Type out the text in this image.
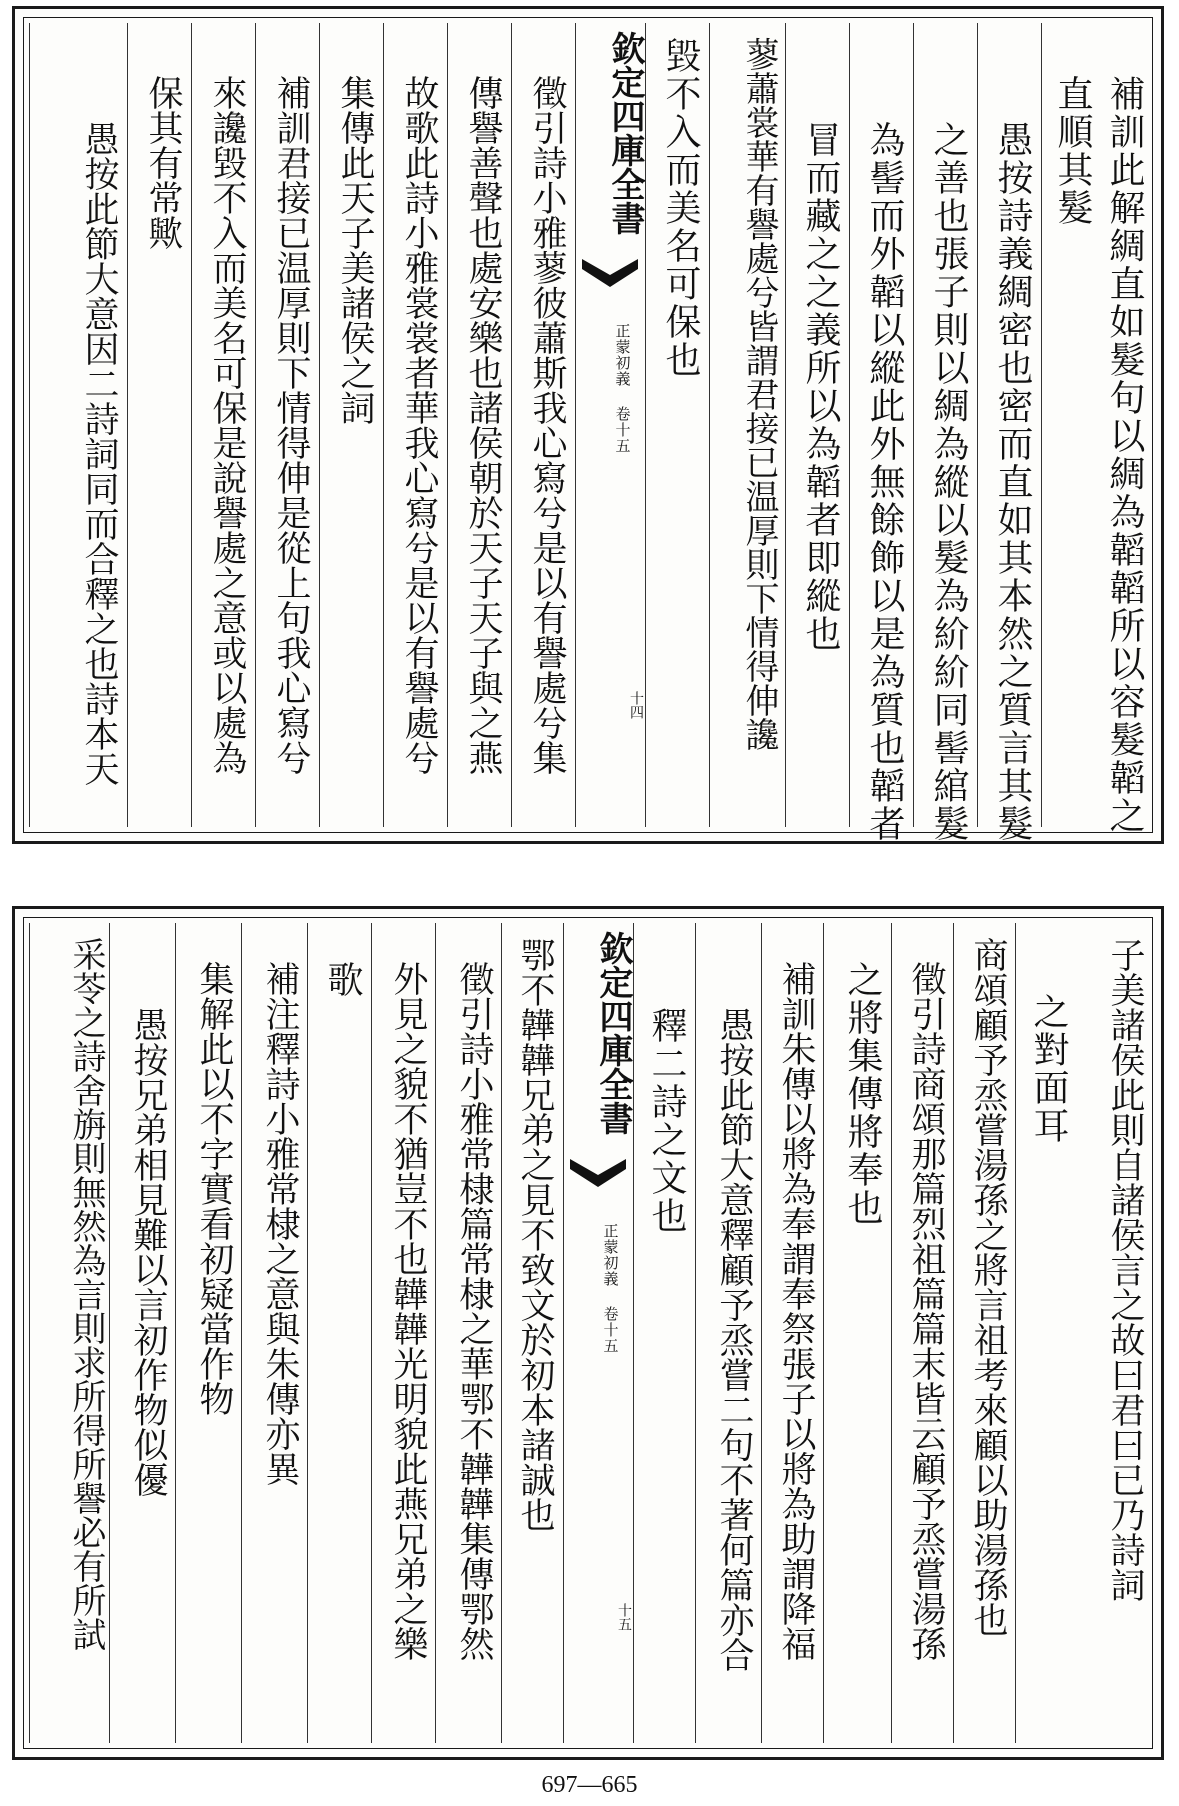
補訓此解綢直如髮句以綢為韜韜所以容髮韜之
直順其髮
愚按詩義綢密也密而直如其本然之質言其髮
之善也張子則以綢為縱以髮為紒紒同髻綰髮
為髻而外韜以縱此外無餘飾以是為質也韜者
冒而藏之之義所以為韜者即縱也
蓼蕭裳華有譽處兮皆謂君接已温厚則下情得伸讒
毀不入而美名可保也
欽定四庫全書
正蒙初義 卷十五
十四
徵引詩小雅蓼彼蕭斯我心寫兮是以有譽處兮集
傳譽善聲也處安樂也諸侯朝於天子天子與之燕
故歌此詩小雅裳裳者華我心寫兮是以有譽處兮
集傳此天子美諸侯之詞
補訓君接已温厚則下情得伸是從上句我心寫兮
來讒毀不入而美名可保是說譽處之意或以處為
保其有常歟
愚按此節大意因二詩詞同而合釋之也詩本天
子美諸侯此則自諸侯言之故曰君曰已乃詩詞
之對面耳
商頌顧予烝嘗湯孫之將言祖考來顧以助湯孫也
徵引詩商頌那篇烈祖篇篇末皆云顧予烝嘗湯孫
之將集傳將奉也
補訓朱傳以將為奉謂奉祭張子以將為助謂降福
愚按此節大意釋顧予烝嘗二句不著何篇亦合
釋二詩之文也
欽定四庫全書
正蒙初義 卷十五
十五
鄂不韡韡兄弟之見不致文於初本諸誠也
徵引詩小雅常棣篇常棣之華鄂不韡韡集傳鄂然
外見之貌不猶豈不也韡韡光明貌此燕兄弟之樂
歌
補注釋詩小雅常棣之意與朱傳亦異
集解此以不字實看初疑當作物
愚按兄弟相見難以言初作物似優
采苓之詩舍旃則無然為言則求所得所譽必有所試
697—665
